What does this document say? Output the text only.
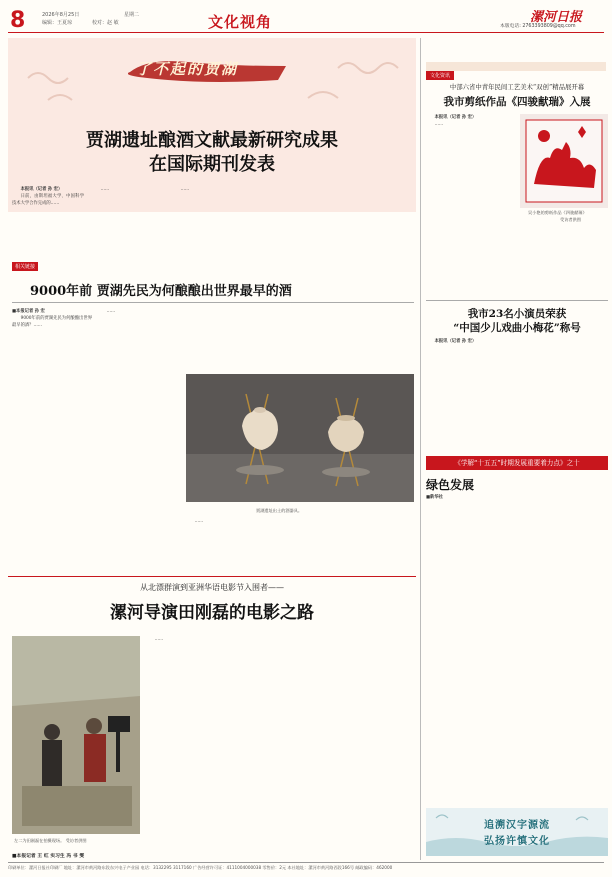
8	2026年8月25日	星期二
编辑：王夏琼	校对：赵 敏	文化视角	漯河日报
本版电话: 2763393809@qq.com
了不起的贾湖
贾湖遗址酿酒文献最新研究成果
在国际期刊发表

本报讯（记者 孙 宏）

日前，由斯坦福大学、中国科学技术大学合作完成的……

……	……

相关链接
9000年前 贾湖先民为何酿酿出世界最早的酒

■本报记者 孙 宏

9000年前的贾湖先民为何酿酿出世界最早的酒？……

……

贾湖遗址出土的酒器具。

……

从北漂群演到亚洲华语电影节入围者——
漯河导演田刚磊的电影之路
左二为田刚磊在拍摄现场。 受访者供图

……

■本报记者 王 红 实习生 冯 书 雯
文化资讯
中部六省中青年民间工艺美术“双创”精品展开幕
我市剪纸作品《四骏献瑞》入展

本报讯（记者 孙 宏）

……

吴小艳的剪纸作品《四骏献瑞》
受访者供图
我市23名小演员荣获
“中国少儿戏曲小梅花”称号

本报讯（记者 孙 宏）

《学解“十五五”时期发展重要着力点》之十
绿色发展

■新华社

追溯汉字源流
弘扬许慎文化
印刷单位：漯河日报社印刷厂 地址：漯河市黄河路东段东兴电子产业园 电话：3132295 3117160 广告经营许可证：4111004000038 零售价：2元 本社地址：漯河市黄河路西段166号 邮政编码：462000
